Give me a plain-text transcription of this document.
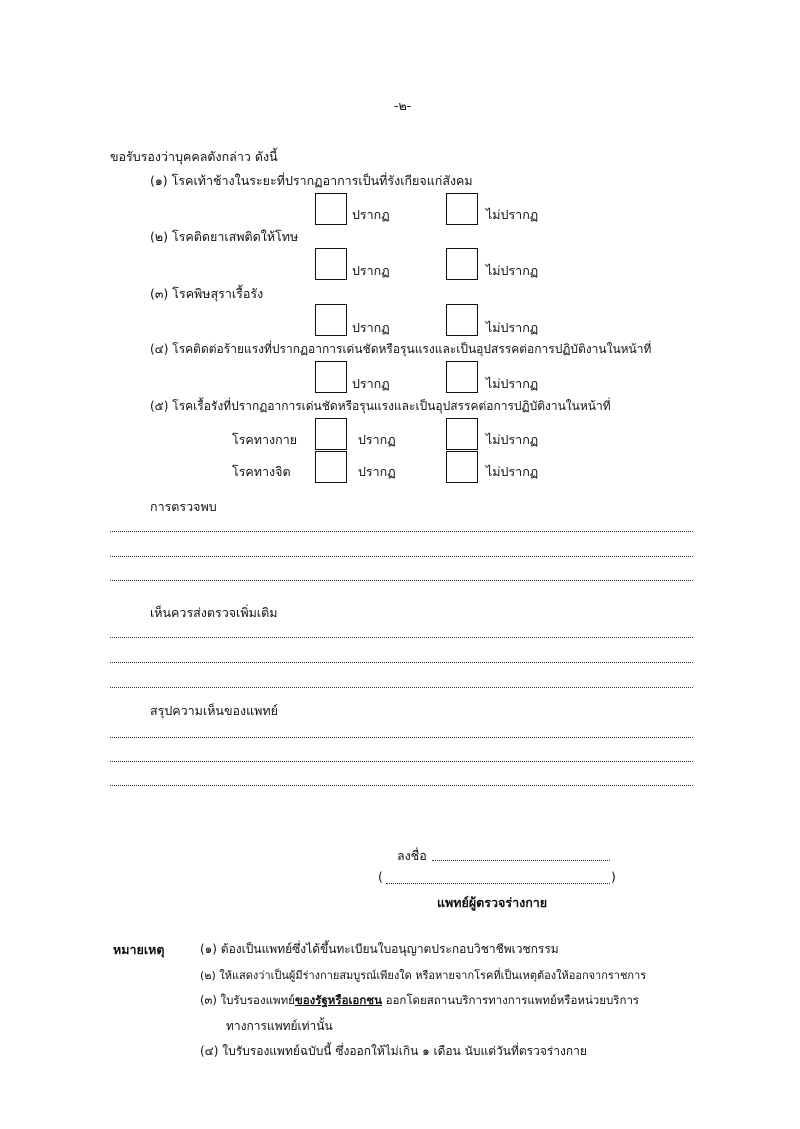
-๒-
ขอรับรองว่าบุคคลดังกล่าว ดังนี้
(๑) โรคเท้าช้างในระยะที่ปรากฏอาการเป็นที่รังเกียจแก่สังคม
ปรากฏ	ไม่ปรากฏ
(๒) โรคติดยาเสพติดให้โทษ
ปรากฏ	ไม่ปรากฏ
(๓) โรคพิษสุราเรื้อรัง
ปรากฏ	ไม่ปรากฏ
(๔) โรคติดต่อร้ายแรงที่ปรากฏอาการเด่นชัดหรือรุนแรงและเป็นอุปสรรคต่อการปฏิบัติงานในหน้าที่
ปรากฏ	ไม่ปรากฏ
(๕) โรคเรื้อรังที่ปรากฏอาการเด่นชัดหรือรุนแรงและเป็นอุปสรรคต่อการปฏิบัติงานในหน้าที่
โรคทางกาย	ปรากฏ	ไม่ปรากฏ
โรคทางจิต	ปรากฏ	ไม่ปรากฏ
การตรวจพบ
เห็นควรส่งตรวจเพิ่มเติม
สรุปความเห็นของแพทย์
ลงชื่อ
(	)
แพทย์ผู้ตรวจร่างกาย
หมายเหตุ	(๑) ต้องเป็นแพทย์ซึ่งได้ขึ้นทะเบียนใบอนุญาตประกอบวิชาชีพเวชกรรม
(๒) ให้แสดงว่าเป็นผู้มีร่างกายสมบูรณ์เพียงใด หรือหายจากโรคที่เป็นเหตุต้องให้ออกจากราชการ
(๓) ใบรับรองแพทย์ของรัฐหรือเอกชน ออกโดยสถานบริการทางการแพทย์หรือหน่วยบริการ
ทางการแพทย์เท่านั้น
(๔) ใบรับรองแพทย์ฉบับนี้ ซึ่งออกให้ไม่เกิน ๑ เดือน นับแต่วันที่ตรวจร่างกาย
